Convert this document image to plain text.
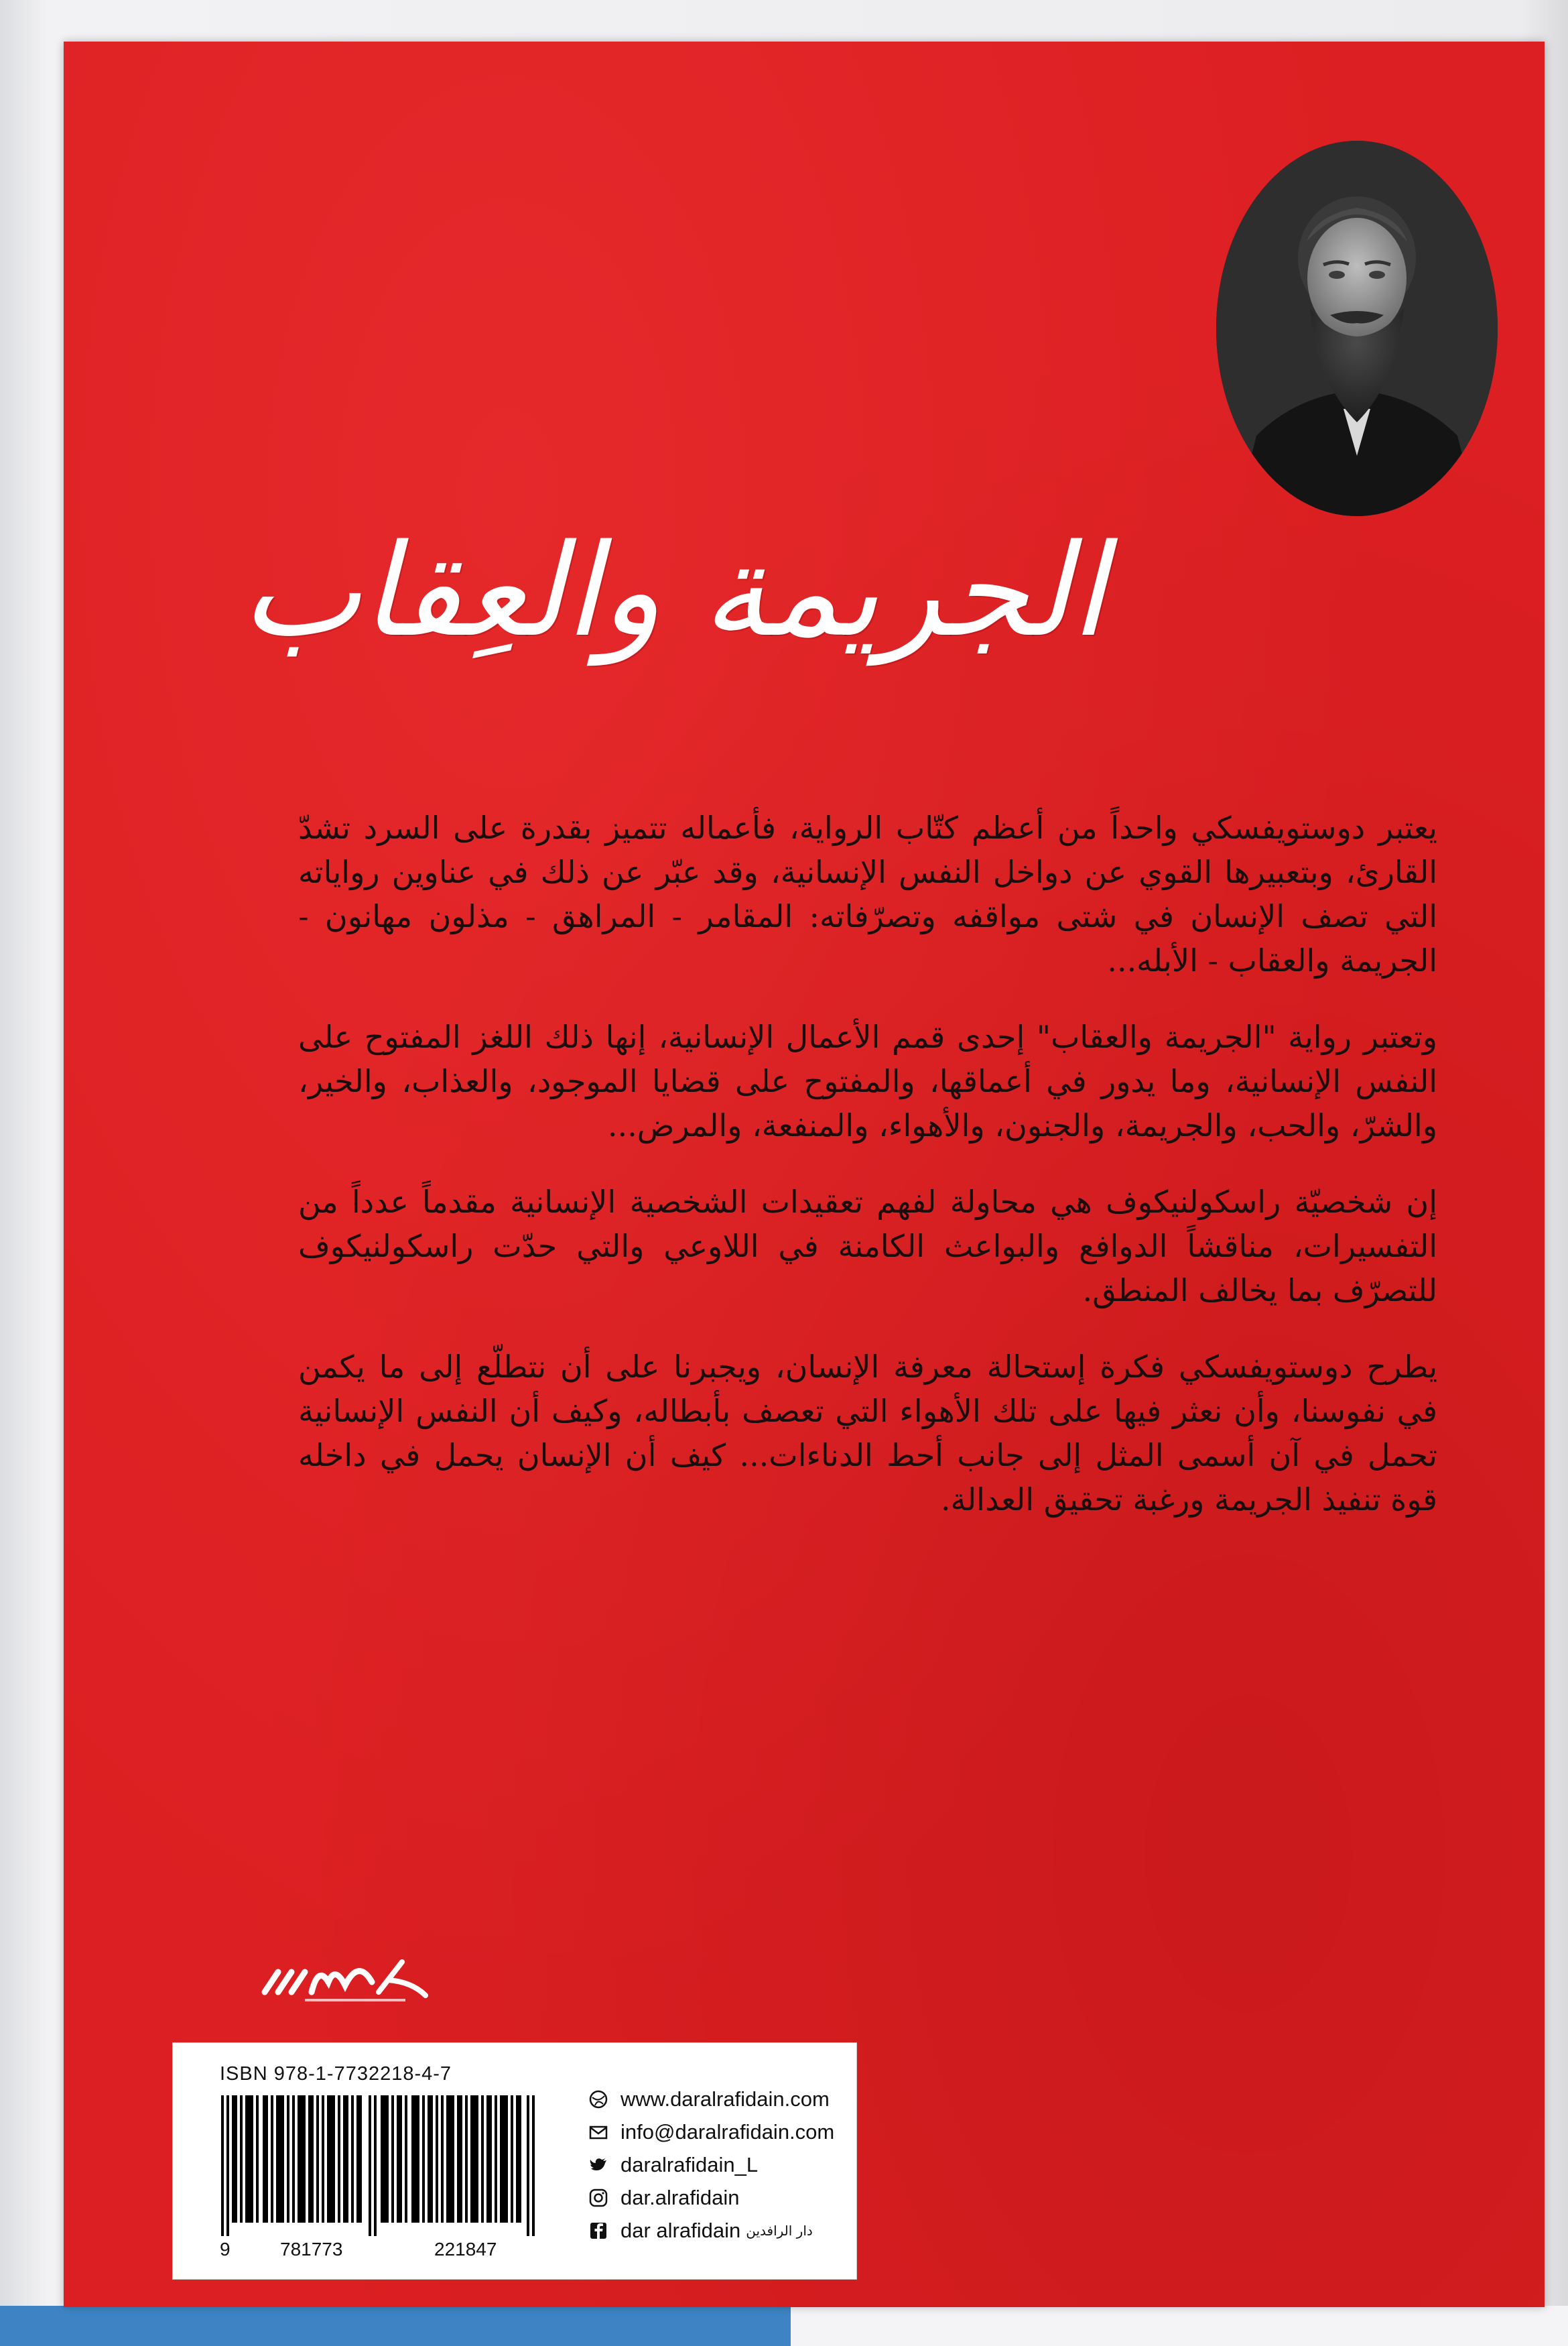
الجريمة والعِقاب

يعتبر دوستويفسكي واحداً من أعظم كتّاب الرواية، فأعماله تتميز بقدرة على السرد تشدّ القارئ، وبتعبيرها القوي عن دواخل النفس الإنسانية، وقد عبّر عن ذلك في عناوين رواياته التي تصف الإنسان في شتى مواقفه وتصرّفاته: المقامر - المراهق - مذلون مهانون - الجريمة والعقاب - الأبله...

وتعتبر رواية "الجريمة والعقاب" إحدى قمم الأعمال الإنسانية، إنها ذلك اللغز المفتوح على النفس الإنسانية، وما يدور في أعماقها، والمفتوح على قضايا الموجود، والعذاب، والخير، والشرّ، والحب، والجريمة، والجنون، والأهواء، والمنفعة، والمرض...

إن شخصيّة راسكولنيكوف هي محاولة لفهم تعقيدات الشخصية الإنسانية مقدماً عدداً من التفسيرات، مناقشاً الدوافع والبواعث الكامنة في اللاوعي والتي حدّت راسكولنيكوف للتصرّف بما يخالف المنطق.

يطرح دوستويفسكي فكرة إستحالة معرفة الإنسان، ويجبرنا على أن نتطلّع إلى ما يكمن في نفوسنا، وأن نعثر فيها على تلك الأهواء التي تعصف بأبطاله، وكيف أن النفس الإنسانية تحمل في آن أسمى المثل إلى جانب أحط الدناءات... كيف أن الإنسان يحمل في داخله قوة تنفيذ الجريمة ورغبة تحقيق العدالة.

ISBN 978-1-7732218-4-7

9	781773	221847
www.daralrafidain.com
info@daralrafidain.com
daralrafidain_L
dar.alrafidain
dar alrafidain دار الرافدين
